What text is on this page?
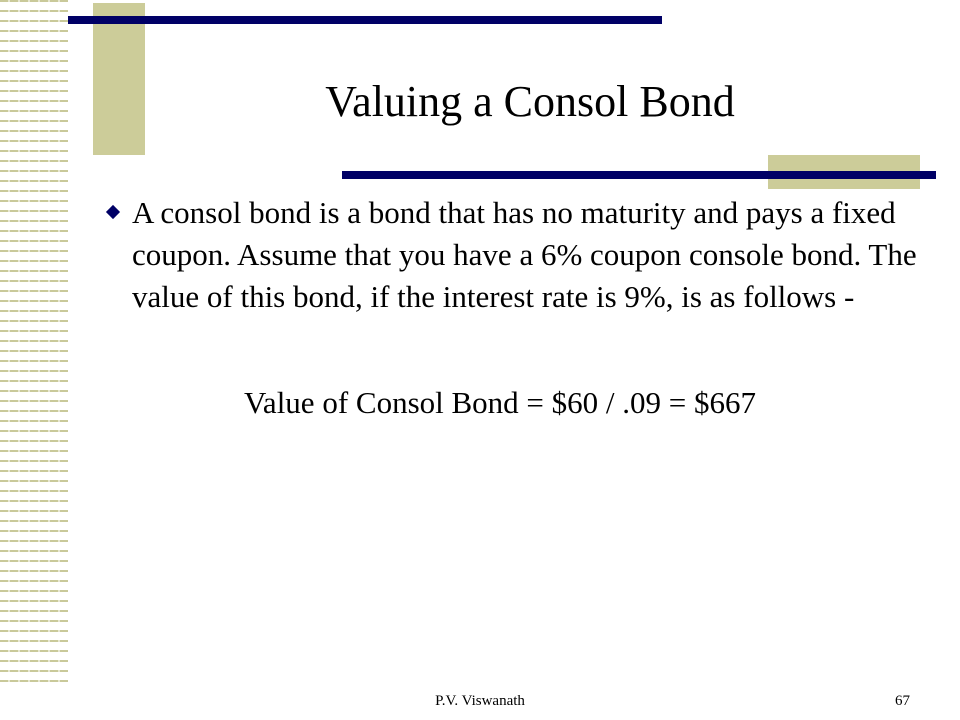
Valuing a Consol Bond
A consol bond is a bond that has no maturity and pays a fixed coupon. Assume that you have a 6% coupon console bond. The value of this bond, if the interest rate is 9%, is as follows -

Value of Consol Bond = $60 / .09 = $667

P.V. Viswanath	67
